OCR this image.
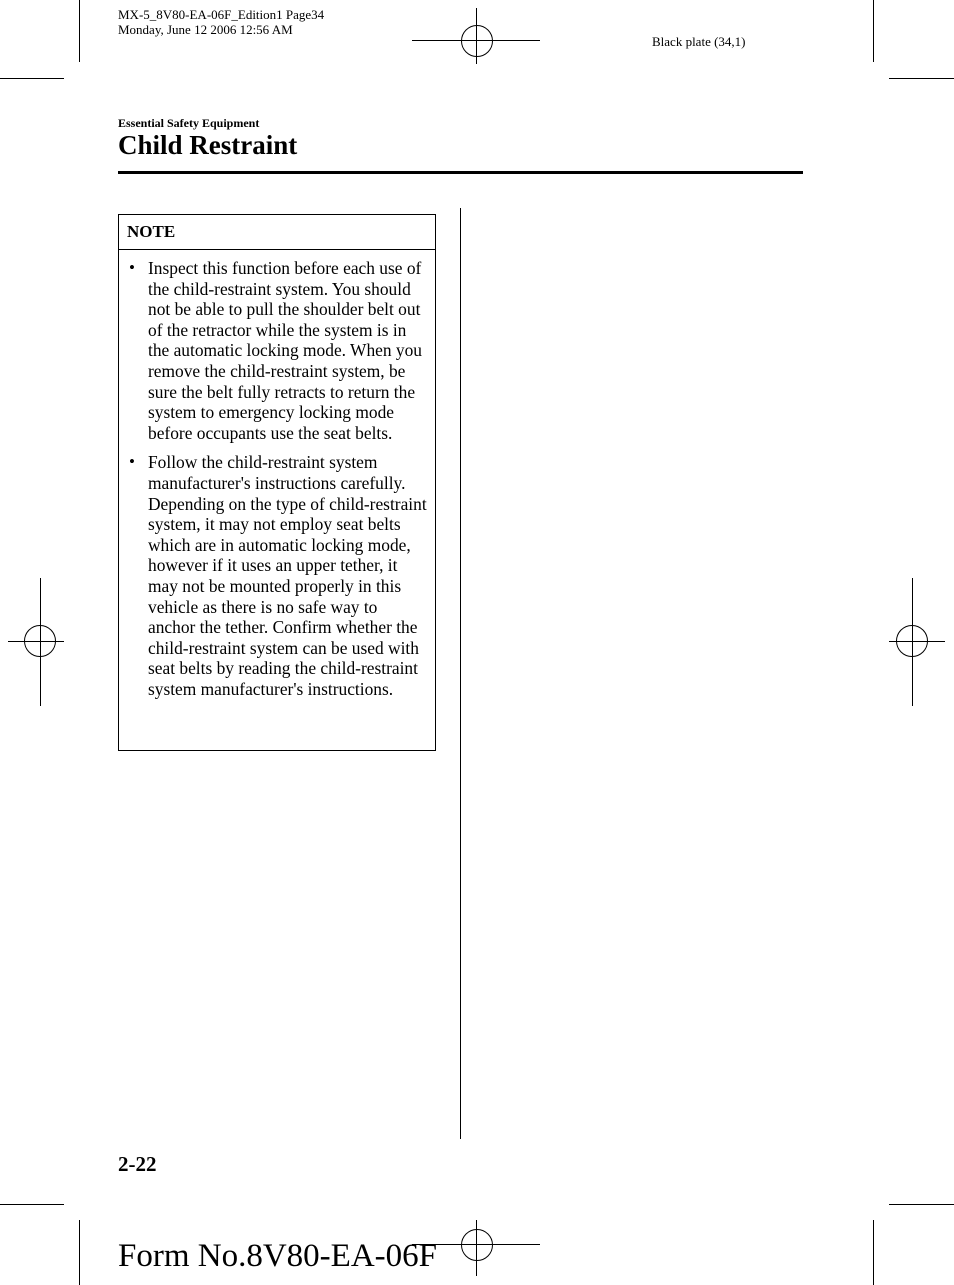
MX-5_8V80-EA-06F_Edition1 Page34
Monday, June 12 2006 12:56 AM
Black plate (34,1)
Essential Safety Equipment
Child Restraint
NOTE
• Inspect this function before each use of the child-restraint system. You should not be able to pull the shoulder belt out of the retractor while the system is in the automatic locking mode. When you remove the child-restraint system, be sure the belt fully retracts to return the system to emergency locking mode before occupants use the seat belts.
• Follow the child-restraint system manufacturer's instructions carefully. Depending on the type of child-restraint system, it may not employ seat belts which are in automatic locking mode, however if it uses an upper tether, it may not be mounted properly in this vehicle as there is no safe way to anchor the tether. Confirm whether the child-restraint system can be used with seat belts by reading the child-restraint system manufacturer's instructions.
2-22
Form No.8V80-EA-06F
